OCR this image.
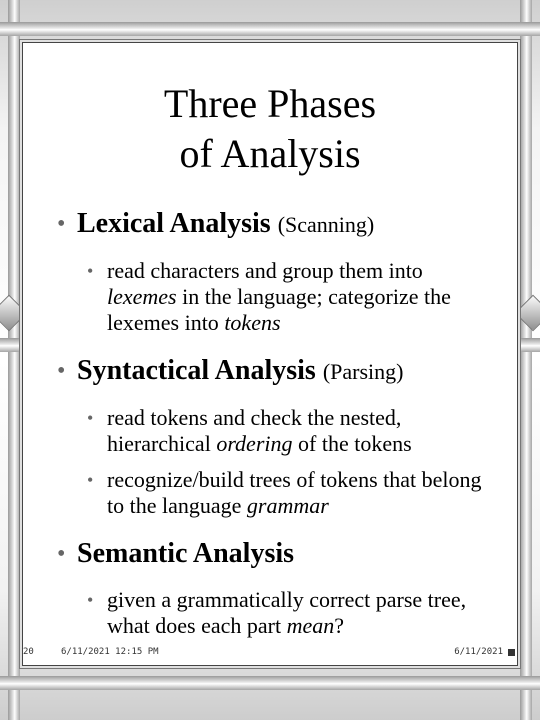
Three Phases
of Analysis
• Lexical Analysis (Scanning)
• read characters and group them into lexemes in the language; categorize the lexemes into tokens
• Syntactical Analysis (Parsing)
• read tokens and check the nested, hierarchical ordering of the tokens
• recognize/build trees of tokens that belong to the language grammar
• Semantic Analysis
• given a grammatically correct parse tree, what does each part mean?
20	6/11/2021 12:15 PM	6/11/2021
